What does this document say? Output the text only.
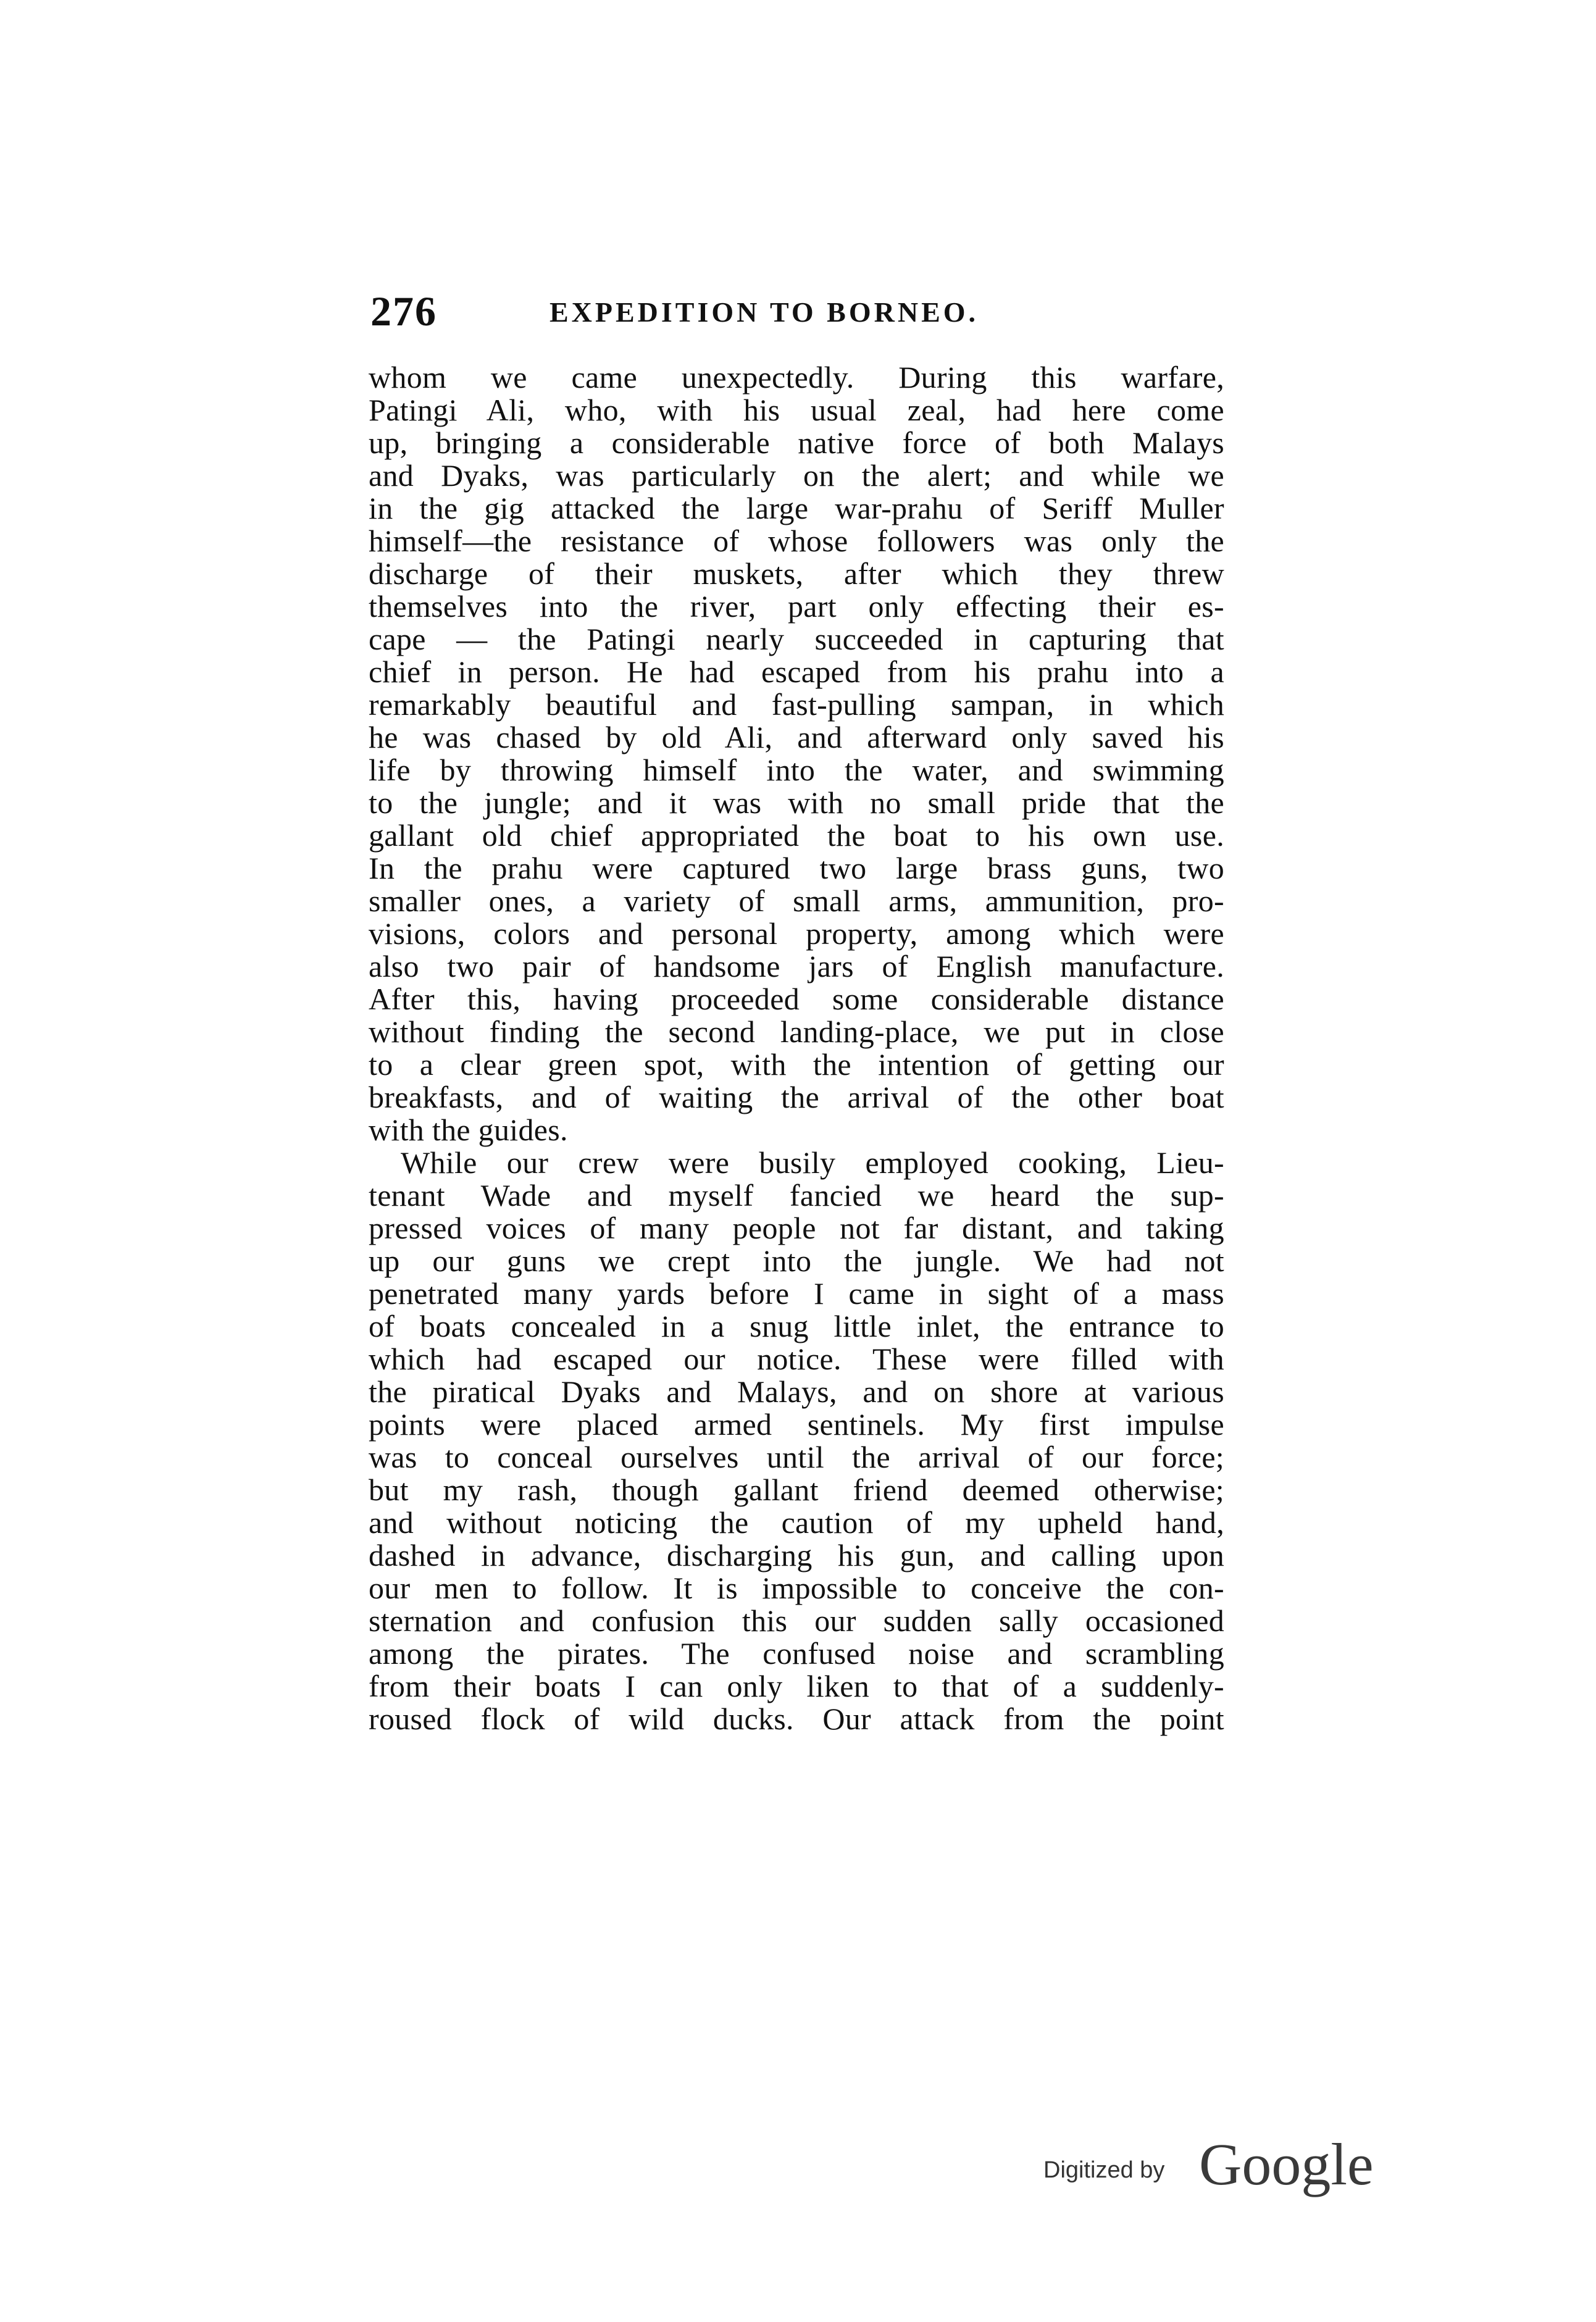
276	EXPEDITION TO BORNEO.
whom we came unexpectedly. During this warfare,
Patingi Ali, who, with his usual zeal, had here come
up, bringing a considerable native force of both Malays
and Dyaks, was particularly on the alert; and while we
in the gig attacked the large war-prahu of Seriff Muller
himself—the resistance of whose followers was only the
discharge of their muskets, after which they threw
themselves into the river, part only effecting their es-
cape — the Patingi nearly succeeded in capturing that
chief in person. He had escaped from his prahu into a
remarkably beautiful and fast-pulling sampan, in which
he was chased by old Ali, and afterward only saved his
life by throwing himself into the water, and swimming
to the jungle; and it was with no small pride that the
gallant old chief appropriated the boat to his own use.
In the prahu were captured two large brass guns, two
smaller ones, a variety of small arms, ammunition, pro-
visions, colors and personal property, among which were
also two pair of handsome jars of English manufacture.
After this, having proceeded some considerable distance
without finding the second landing-place, we put in close
to a clear green spot, with the intention of getting our
breakfasts, and of waiting the arrival of the other boat
with the guides.
While our crew were busily employed cooking, Lieu-
tenant Wade and myself fancied we heard the sup-
pressed voices of many people not far distant, and taking
up our guns we crept into the jungle. We had not
penetrated many yards before I came in sight of a mass
of boats concealed in a snug little inlet, the entrance to
which had escaped our notice. These were filled with
the piratical Dyaks and Malays, and on shore at various
points were placed armed sentinels. My first impulse
was to conceal ourselves until the arrival of our force;
but my rash, though gallant friend deemed otherwise;
and without noticing the caution of my upheld hand,
dashed in advance, discharging his gun, and calling upon
our men to follow. It is impossible to conceive the con-
sternation and confusion this our sudden sally occasioned
among the pirates. The confused noise and scrambling
from their boats I can only liken to that of a suddenly-
roused flock of wild ducks. Our attack from the point
Digitized by Google
